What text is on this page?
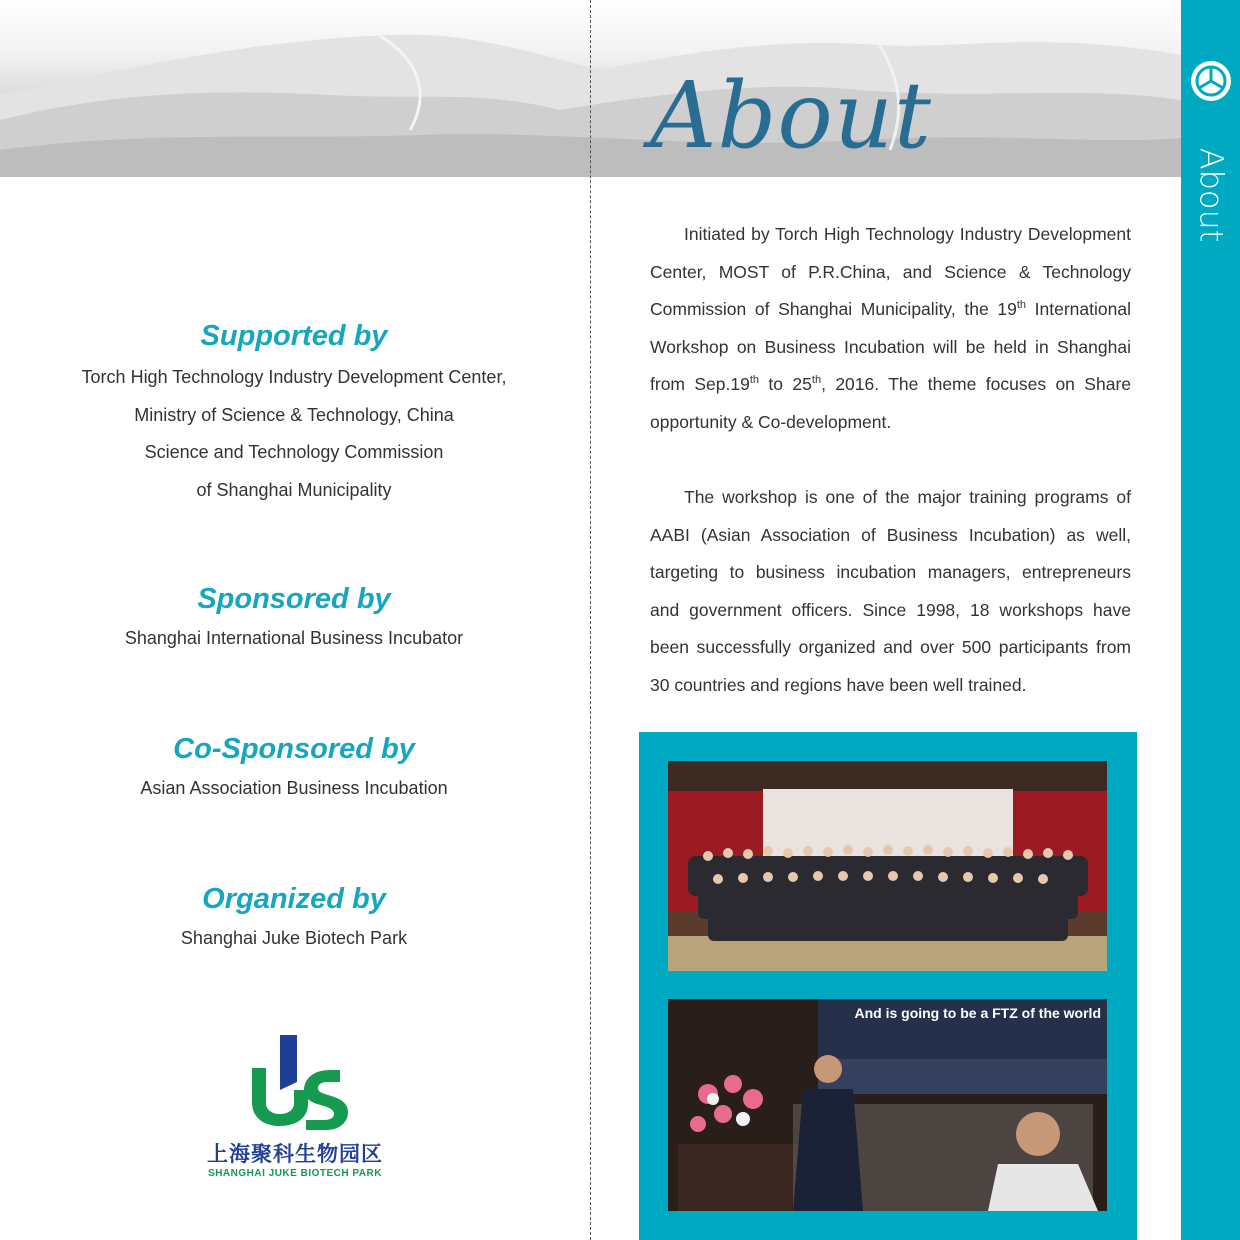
About
About
Supported by
Torch High Technology Industry Development Center,
Ministry of Science & Technology, China
Science and Technology Commission
of Shanghai Municipality
Sponsored by
Shanghai International Business Incubator
Co-Sponsored by
Asian Association Business Incubation
Organized by
Shanghai Juke Biotech Park
上海聚科生物园区
SHANGHAI JUKE BIOTECH PARK

Initiated by Torch High Technology Industry Development Center, MOST of P.R.China, and Science & Technology Commission of Shanghai Municipality, the 19th International Workshop on Business Incubation will be held in Shanghai from Sep.19th to 25th, 2016. The theme focuses on Share opportunity & Co-development.

The workshop is one of the major training programs of AABI (Asian Association of Business Incubation) as well, targeting to business incubation managers, entrepreneurs and government officers. Since 1998, 18 workshops have been successfully organized and over 500 participants from 30 countries and regions have been well trained.

And is going to be a FTZ of the world
